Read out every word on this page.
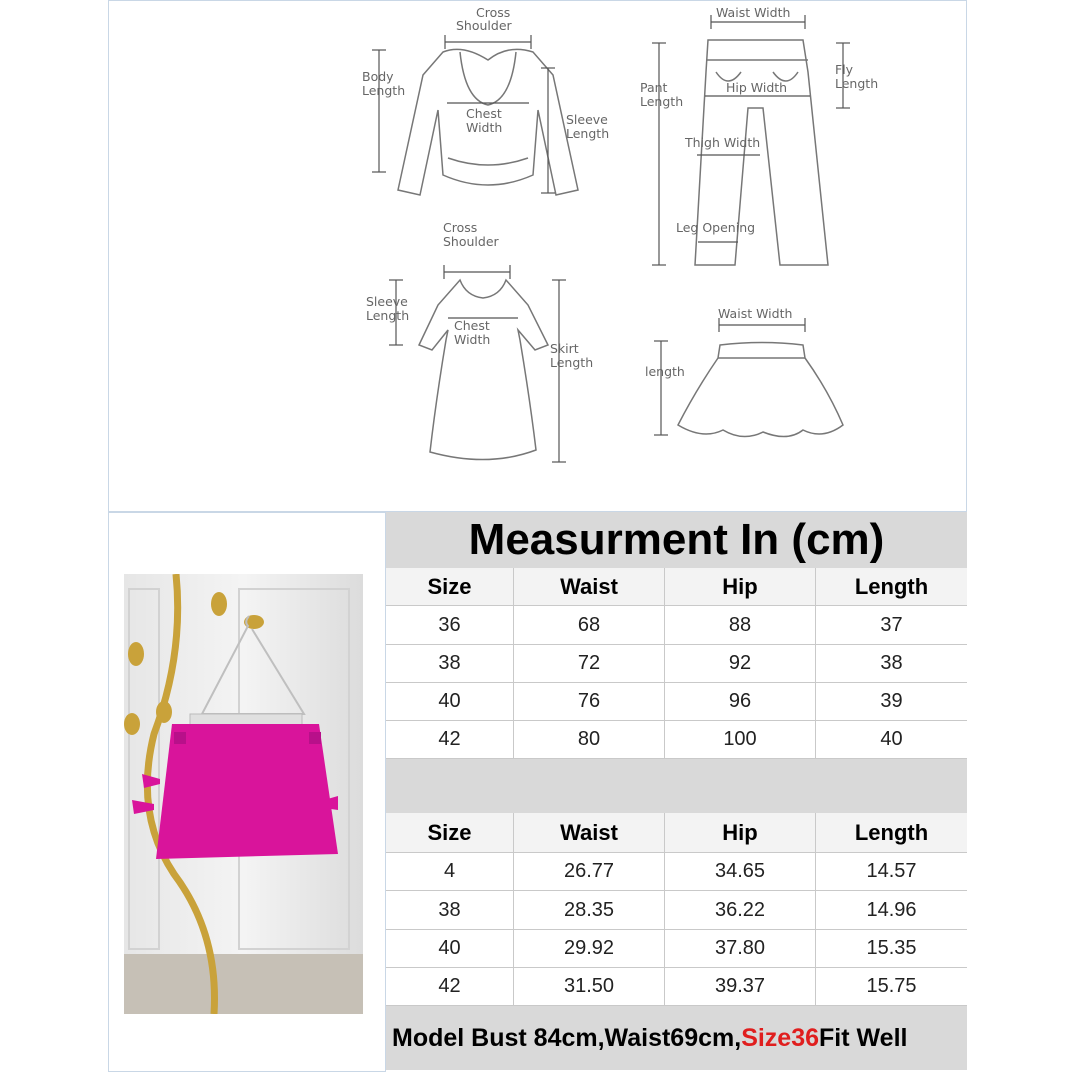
Cross
Shoulder
Body
Length
Chest
Width
Sleeve
Length
Waist Width
Pant
Length
Hip Width
Fly
Length
Thigh Width
Leg Opening
Cross
Shoulder
Sleeve
Length
Chest
Width
Skirt
Length
Waist Width
length
Measurment In (cm)
Size	Waist	Hip	Length
36	68	88	37
38	72	92	38
40	76	96	39
42	80	100	40
Size	Waist	Hip	Length
4	26.77	34.65	14.57
38	28.35	36.22	14.96
40	29.92	37.80	15.35
42	31.50	39.37	15.75
Model Bust 84cm,Waist69cm, Size36 Fit Well
